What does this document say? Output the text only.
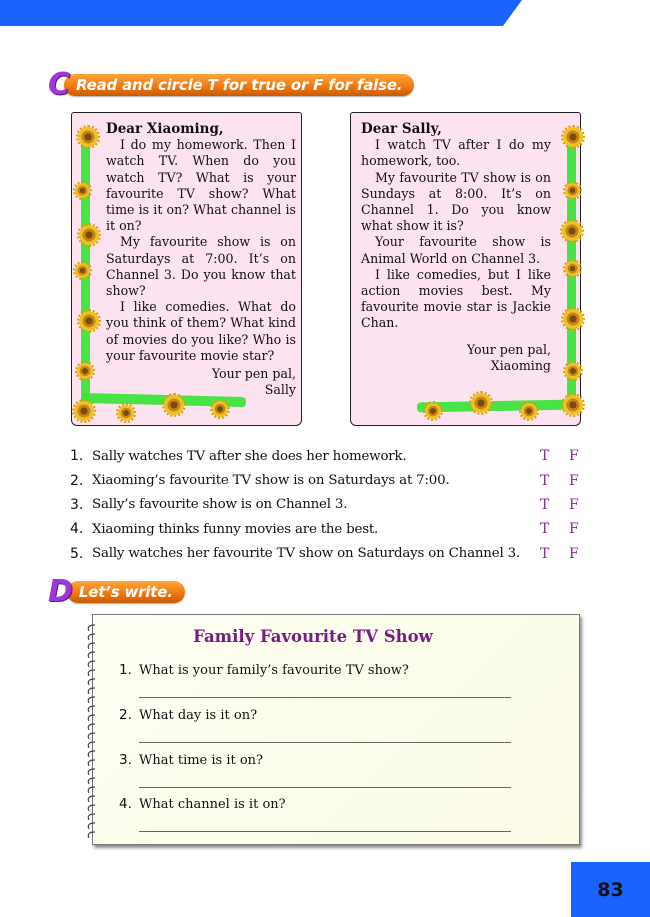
C Read and circle T for true or F for false.
Dear Xiaoming,
I do my homework. Then I watch TV. When do you watch TV? What is your favourite TV show? What time is it on? What channel is it on?
My favourite show is on Saturdays at 7:00. It’s on Channel 3. Do you know that show?
I like comedies. What do you think of them? What kind of movies do you like? Who is your favourite movie star?
Your pen pal,
Sally
Dear Sally,
I watch TV after I do my homework, too.
My favourite TV show is on Sundays at 8:00. It’s on Channel 1. Do you know what show it is?
Your favourite show is Animal World on Channel 3.
I like comedies, but I like action movies best. My favourite movie star is Jackie Chan.
Your pen pal,
Xiaoming
1. Sally watches TV after she does her homework.	T F
2. Xiaoming’s favourite TV show is on Saturdays at 7:00.	T F
3. Sally’s favourite show is on Channel 3.	T F
4. Xiaoming thinks funny movies are the best.	T F
5. Sally watches her favourite TV show on Saturdays on Channel 3.	T F
D Let’s write.
Family Favourite TV Show
1. What is your family’s favourite TV show?
2. What day is it on?
3. What time is it on?
4. What channel is it on?
83
